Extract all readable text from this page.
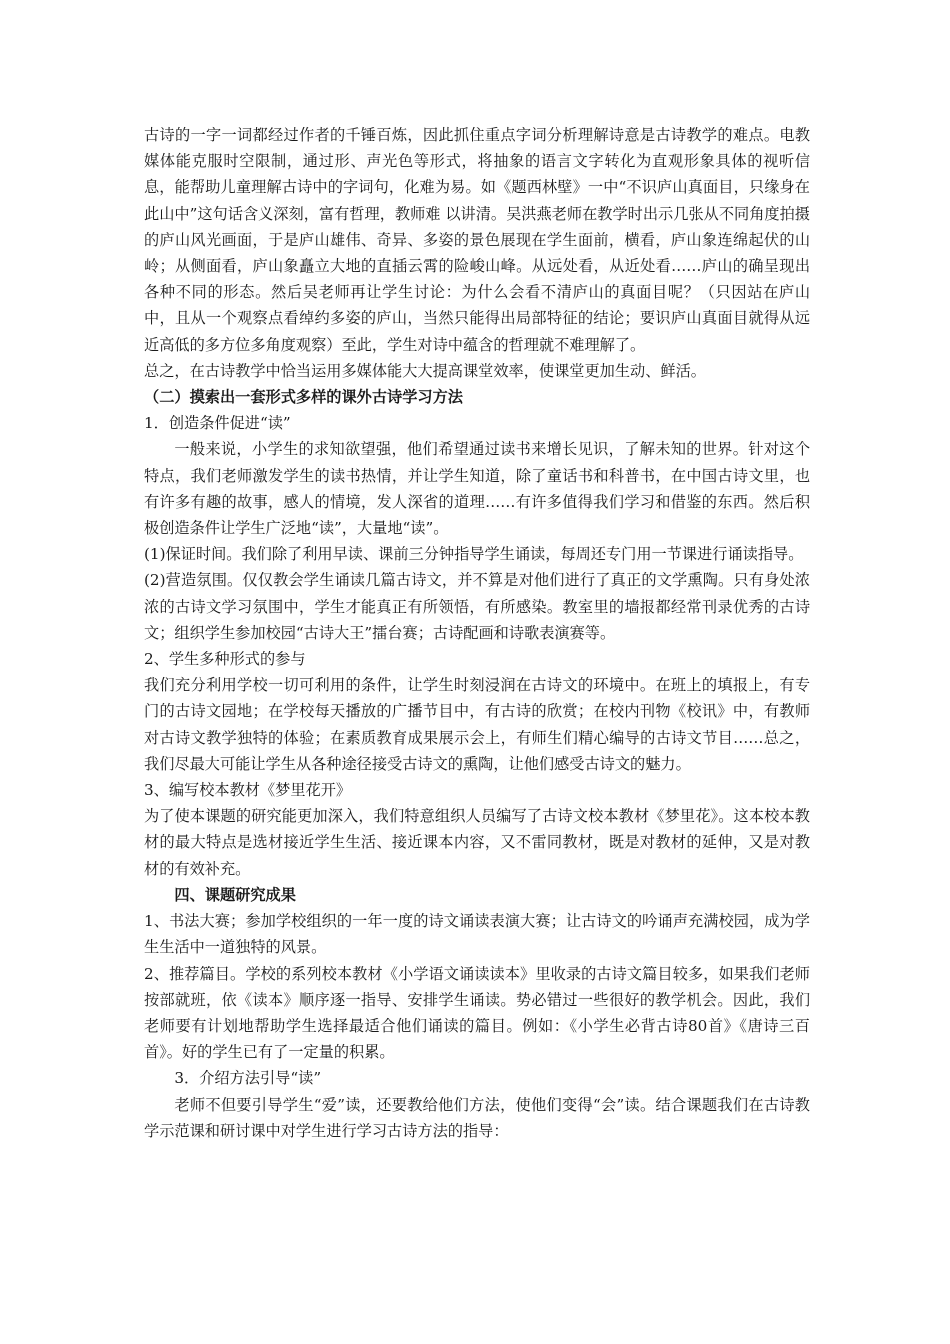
古诗的一字一词都经过作者的千锤百炼，因此抓住重点字词分析理解诗意是古诗教学的难点。电教媒体能克服时空限制，通过形、声光色等形式，将抽象的语言文字转化为直观形象具体的视听信息，能帮助儿童理解古诗中的字词句，化难为易。如《题西林壁》一中“不识庐山真面目，只缘身在此山中”这句话含义深刻，富有哲理，教师难 以讲清。吴洪燕老师在教学时出示几张从不同角度拍摄的庐山风光画面，于是庐山雄伟、奇异、多姿的景色展现在学生面前，横看，庐山象连绵起伏的山岭；从侧面看，庐山象矗立大地的直插云霄的险峻山峰。从远处看，从近处看……庐山的确呈现出各种不同的形态。然后吴老师再让学生讨论：为什么会看不清庐山的真面目呢？（只因站在庐山中，且从一个观察点看绰约多姿的庐山，当然只能得出局部特征的结论；要识庐山真面目就得从远近高低的多方位多角度观察）至此，学生对诗中蕴含的哲理就不难理解了。

总之，在古诗教学中恰当运用多媒体能大大提高课堂效率，使课堂更加生动、鲜活。

（二）摸索出一套形式多样的课外古诗学习方法

1．创造条件促进“读”

一般来说，小学生的求知欲望强，他们希望通过读书来增长见识，了解未知的世界。针对这个特点，我们老师激发学生的读书热情，并让学生知道，除了童话书和科普书，在中国古诗文里，也有许多有趣的故事，感人的情境，发人深省的道理……有许多值得我们学习和借鉴的东西。然后积极创造条件让学生广泛地“读”，大量地“读”。

(1)保证时间。我们除了利用早读、课前三分钟指导学生诵读，每周还专门用一节课进行诵读指导。

(2)营造氛围。仅仅教会学生诵读几篇古诗文，并不算是对他们进行了真正的文学熏陶。只有身处浓浓的古诗文学习氛围中，学生才能真正有所领悟，有所感染。教室里的墙报都经常刊录优秀的古诗文；组织学生参加校园“古诗大王”擂台赛；古诗配画和诗歌表演赛等。

2、学生多种形式的参与

我们充分利用学校一切可利用的条件，让学生时刻浸润在古诗文的环境中。在班上的填报上，有专门的古诗文园地；在学校每天播放的广播节目中，有古诗的欣赏；在校内刊物《校讯》中，有教师对古诗文教学独特的体验；在素质教育成果展示会上，有师生们精心编导的古诗文节目……总之，我们尽最大可能让学生从各种途径接受古诗文的熏陶，让他们感受古诗文的魅力。

3、编写校本教材《梦里花开》

为了使本课题的研究能更加深入，我们特意组织人员编写了古诗文校本教材《梦里花》。这本校本教材的最大特点是选材接近学生生活、接近课本内容，又不雷同教材，既是对教材的延伸，又是对教材的有效补充。

四、课题研究成果

1、书法大赛；参加学校组织的一年一度的诗文诵读表演大赛；让古诗文的吟诵声充满校园，成为学生生活中一道独特的风景。

2、推荐篇目。学校的系列校本教材《小学语文诵读读本》里收录的古诗文篇目较多，如果我们老师按部就班，依《读本》顺序逐一指导、安排学生诵读。势必错过一些很好的教学机会。因此，我们老师要有计划地帮助学生选择最适合他们诵读的篇目。例如：《小学生必背古诗80首》《唐诗三百首》。好的学生已有了一定量的积累。

3．介绍方法引导“读”

老师不但要引导学生“爱”读，还要教给他们方法，使他们变得“会”读。结合课题我们在古诗教学示范课和研讨课中对学生进行学习古诗方法的指导：
